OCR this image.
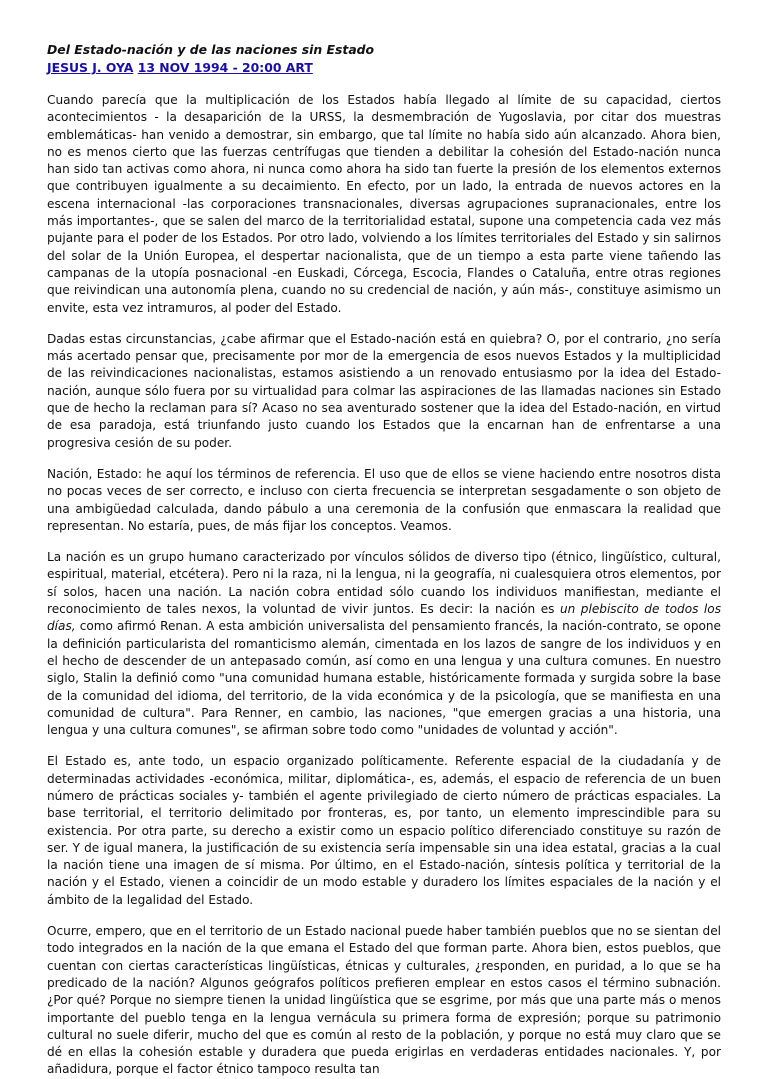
Del Estado-nación y de las naciones sin Estado
JESUS J. OYA 13 NOV 1994 - 20:00 ART

Cuando parecía que la multiplicación de los Estados había llegado al límite de su capacidad, ciertos acontecimientos - la desaparición de la URSS, la desmembración de Yugoslavia, por citar dos muestras emblemáticas- han venido a demostrar, sin embargo, que tal límite no había sido aún alcanzado. Ahora bien, no es menos cierto que las fuerzas centrífugas que tienden a debilitar la cohesión del Estado-nación nunca han sido tan activas como ahora, ni nunca como ahora ha sido tan fuerte la presión de los elementos externos que contribuyen igualmente a su decaimiento. En efecto, por un lado, la entrada de nuevos actores en la escena internacional -las corporaciones transnacionales, diversas agrupaciones supranacionales, entre los más importantes-, que se salen del marco de la territorialidad estatal, supone una competencia cada vez más pujante para el poder de los Estados. Por otro lado, volviendo a los límites territoriales del Estado y sin salirnos del solar de la Unión Europea, el despertar nacionalista, que de un tiempo a esta parte viene tañendo las campanas de la utopía posnacional -en Euskadi, Córcega, Escocia, Flandes o Cataluña, entre otras regiones que reivindican una autonomía plena, cuando no su credencial de nación, y aún más-, constituye asimismo un envite, esta vez intramuros, al poder del Estado.

Dadas estas circunstancias, ¿cabe afirmar que el Estado-nación está en quiebra? O, por el contrario, ¿no sería más acertado pensar que, precisamente por mor de la emergencia de esos nuevos Estados y la multiplicidad de las reivindicaciones nacionalistas, estamos asistiendo a un renovado entusiasmo por la idea del Estado-nación, aunque sólo fuera por su virtualidad para colmar las aspiraciones de las llamadas naciones sin Estado que de hecho la reclaman para sí? Acaso no sea aventurado sostener que la idea del Estado-nación, en virtud de esa paradoja, está triunfando justo cuando los Estados que la encarnan han de enfrentarse a una progresiva cesión de su poder.

Nación, Estado: he aquí los términos de referencia. El uso que de ellos se viene haciendo entre nosotros dista no pocas veces de ser correcto, e incluso con cierta frecuencia se interpretan sesgadamente o son objeto de una ambigüedad calculada, dando pábulo a una ceremonia de la confusión que enmascara la realidad que representan. No estaría, pues, de más fijar los conceptos. Veamos.

La nación es un grupo humano caracterizado por vínculos sólidos de diverso tipo (étnico, lingüístico, cultural, espiritual, material, etcétera). Pero ni la raza, ni la lengua, ni la geografía, ni cualesquiera otros elementos, por sí solos, hacen una nación. La nación cobra entidad sólo cuando los individuos manifiestan, mediante el reconocimiento de tales nexos, la voluntad de vivir juntos. Es decir: la nación es un plebiscito de todos los días, como afirmó Renan. A esta ambición universalista del pensamiento francés, la nación-contrato, se opone la definición particularista del romanticismo alemán, cimentada en los lazos de sangre de los individuos y en el hecho de descender de un antepasado común, así como en una lengua y una cultura comunes. En nuestro siglo, Stalin la definió como "una comunidad humana estable, históricamente formada y surgida sobre la base de la comunidad del idioma, del territorio, de la vida económica y de la psicología, que se manifiesta en una comunidad de cultura". Para Renner, en cambio, las naciones, "que emergen gracias a una historia, una lengua y una cultura comunes", se afirman sobre todo como "unidades de voluntad y acción".

El Estado es, ante todo, un espacio organizado políticamente. Referente espacial de la ciudadanía y de determinadas actividades -económica, militar, diplomática-, es, además, el espacio de referencia de un buen número de prácticas sociales y- también el agente privilegiado de cierto número de prácticas espaciales. La base territorial, el territorio delimitado por fronteras, es, por tanto, un elemento imprescindible para su existencia. Por otra parte, su derecho a existir como un espacio político diferenciado constituye su razón de ser. Y de igual manera, la justificación de su existencia sería impensable sin una idea estatal, gracias a la cual la nación tiene una imagen de sí misma. Por último, en el Estado-nación, síntesis política y territorial de la nación y el Estado, vienen a coincidir de un modo estable y duradero los límites espaciales de la nación y el ámbito de la legalidad del Estado.

Ocurre, empero, que en el territorio de un Estado nacional puede haber también pueblos que no se sientan del todo integrados en la nación de la que emana el Estado del que forman parte. Ahora bien, estos pueblos, que cuentan con ciertas características lingüísticas, étnicas y culturales, ¿responden, en puridad, a lo que se ha predicado de la nación? Algunos geógrafos políticos prefieren emplear en estos casos el término subnación. ¿Por qué? Porque no siempre tienen la unidad lingüística que se esgrime, por más que una parte más o menos importante del pueblo tenga en la lengua vernácula su primera forma de expresión; porque su patrimonio cultural no suele diferir, mucho del que es común al resto de la población, y porque no está muy claro que se dé en ellas la cohesión estable y duradera que pueda erigirlas en verdaderas entidades nacionales. Y, por añadidura, porque el factor étnico tampoco resulta tan
